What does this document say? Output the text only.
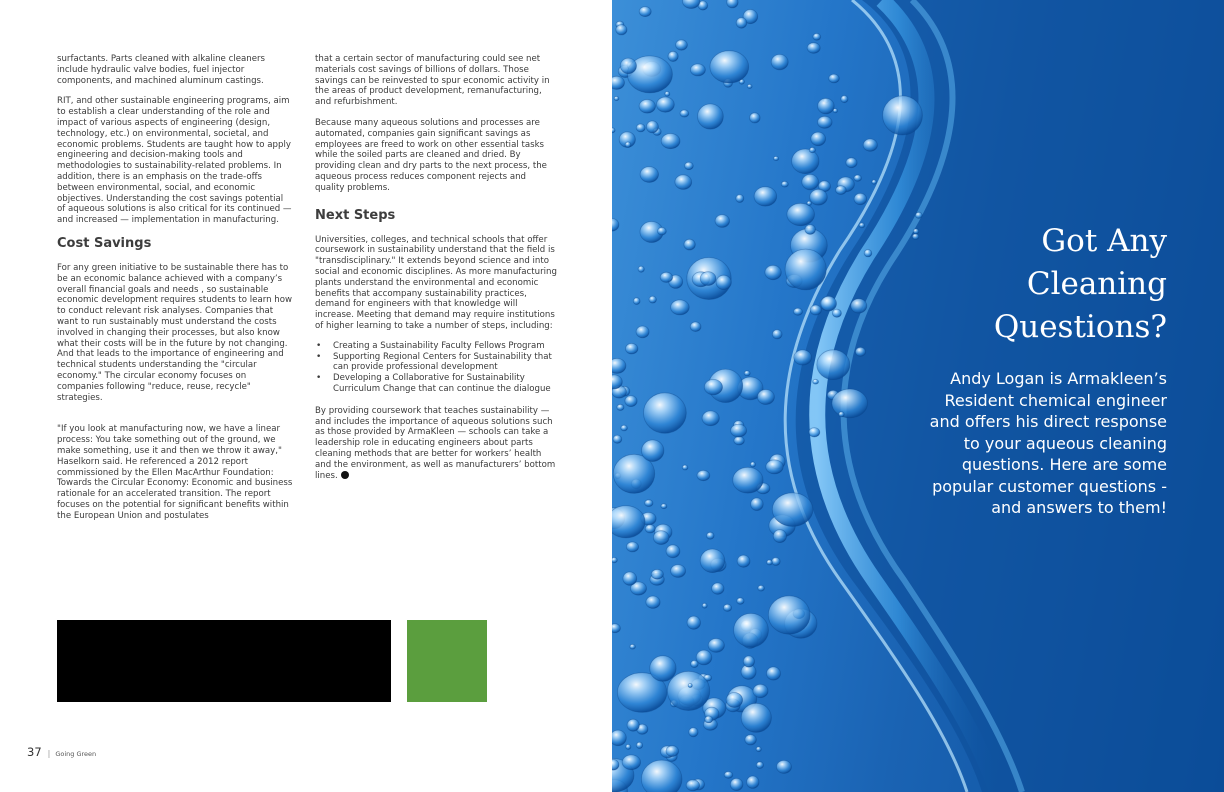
surfactants. Parts cleaned with alkaline cleaners include hydraulic valve bodies, fuel injector components, and machined aluminum castings.

RIT, and other sustainable engineering programs, aim to establish a clear understanding of the role and impact of various aspects of engineering (design, technology, etc.) on environmental, societal, and economic problems. Students are taught how to apply engineering and decision-making tools and methodologies to sustainability-related problems. In addition, there is an emphasis on the trade-offs between environmental, social, and economic objectives. Understanding the cost savings potential of aqueous solutions is also critical for its continued — and increased — implementation in manufacturing.

Cost Savings

For any green initiative to be sustainable there has to be an economic balance achieved with a company’s overall financial goals and needs , so sustainable economic development requires students to learn how to conduct relevant risk analyses. Companies that want to run sustainably must understand the costs involved in changing their processes, but also know what their costs will be in the future by not changing. And that leads to the importance of engineering and technical students understanding the "circular economy." The circular economy focuses on companies following "reduce, reuse, recycle" strategies.

"If you look at manufacturing now, we have a linear process: You take something out of the ground, we make something, use it and then we throw it away," Haselkorn said. He referenced a 2012 report commissioned by the Ellen MacArthur Foundation: Towards the Circular Economy: Economic and business rationale for an accelerated transition. The report focuses on the potential for significant benefits within the European Union and postulates

that a certain sector of manufacturing could see net materials cost savings of billions of dollars. Those savings can be reinvested to spur economic activity in the areas of product development, remanufacturing, and refurbishment.

Because many aqueous solutions and processes are automated, companies gain significant savings as employees are freed to work on other essential tasks while the soiled parts are cleaned and dried. By providing clean and dry parts to the next process, the aqueous process reduces component rejects and quality problems.

Next Steps

Universities, colleges, and technical schools that offer coursework in sustainability understand that the field is "transdisciplinary." It extends beyond science and into social and economic disciplines. As more manufacturing plants understand the environmental and economic benefits that accompany sustainability practices, demand for engineers with that knowledge will increase. Meeting that demand may require institutions of higher learning to take a number of steps, including:

• Creating a Sustainability Faculty Fellows Program
• Supporting Regional Centers for Sustainability that can provide professional development
• Developing a Collaborative for Sustainability Curriculum Change that can continue the dialogue

By providing coursework that teaches sustainability — and includes the importance of aqueous solutions such as those provided by ArmaKleen — schools can take a leadership role in educating engineers about parts cleaning methods that are better for workers’ health and the environment, as well as manufacturers’ bottom lines.

37 | Going Green
Got Any
Cleaning
Questions?
Andy Logan is Armakleen’s Resident chemical engineer and offers his direct response to your aqueous cleaning questions. Here are some popular customer questions - and answers to them!
